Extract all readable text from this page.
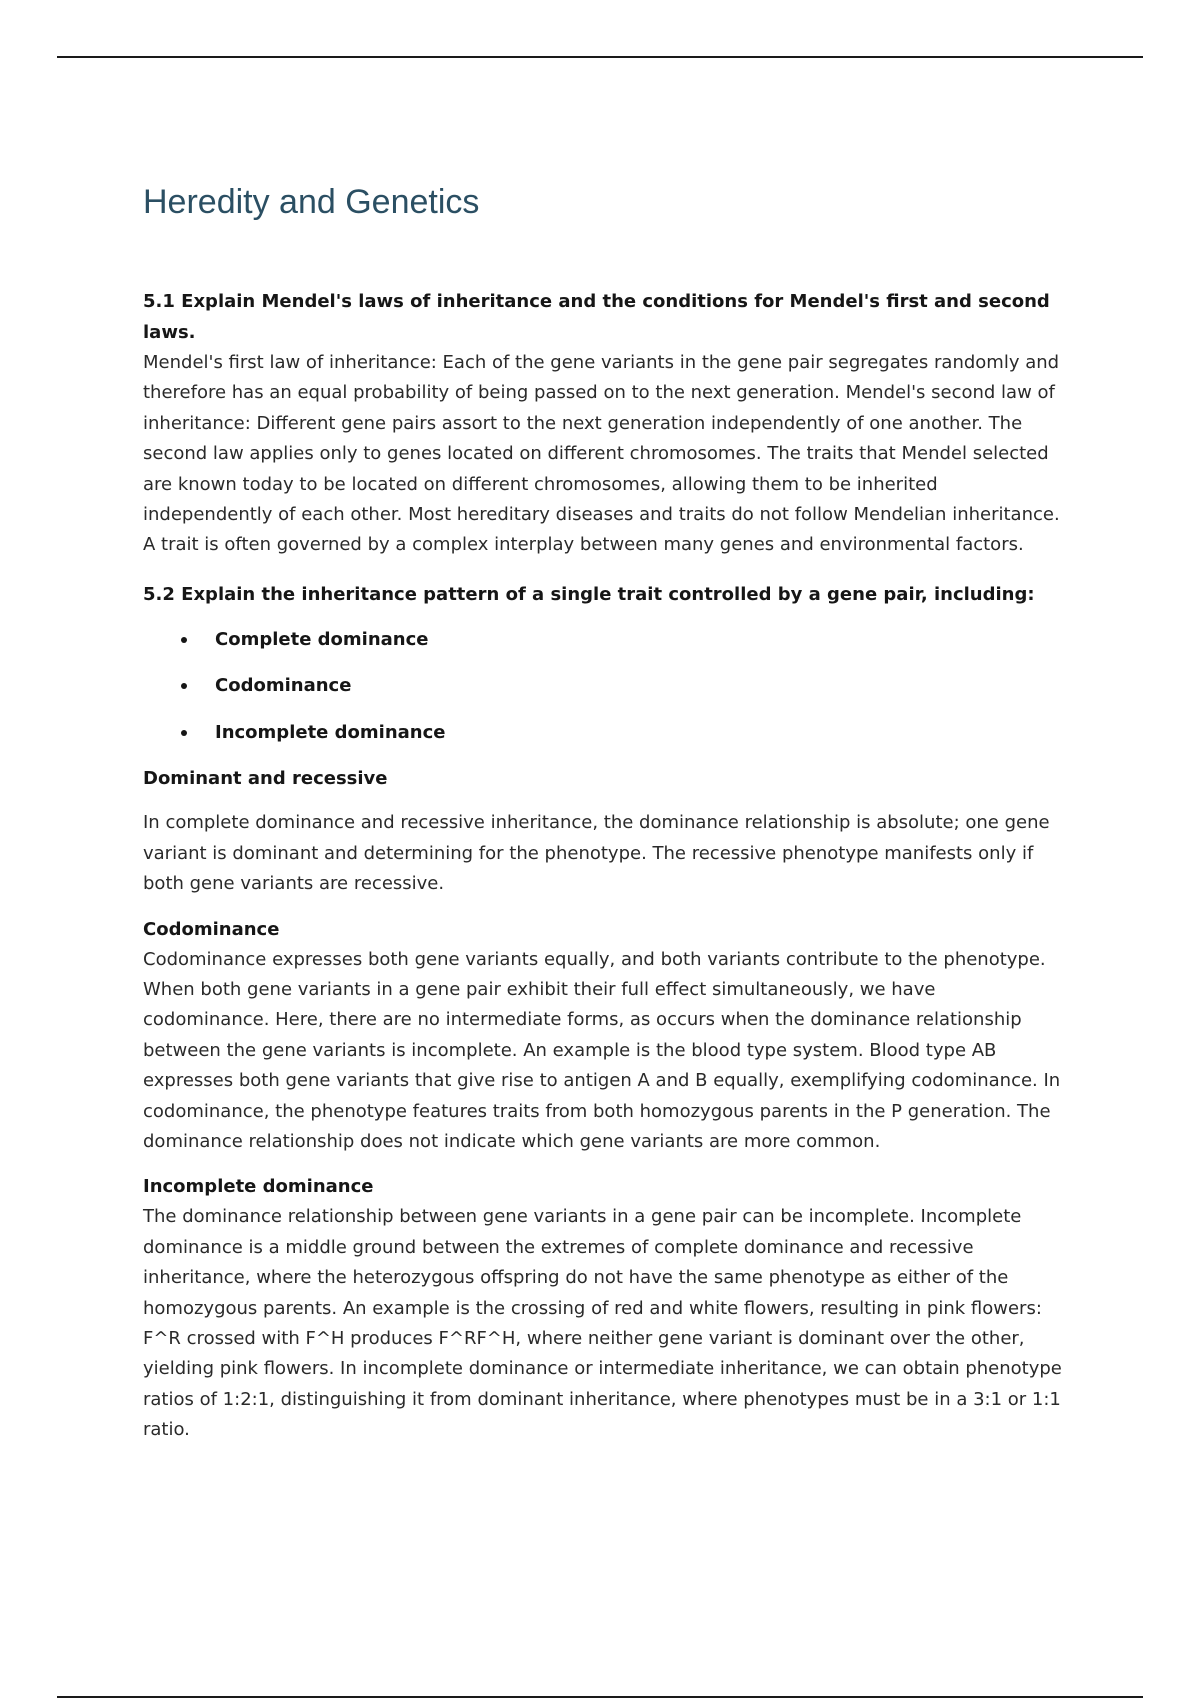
Heredity and Genetics

5.1 Explain Mendel's laws of inheritance and the conditions for Mendel's first and second laws.

Mendel's first law of inheritance: Each of the gene variants in the gene pair segregates randomly and therefore has an equal probability of being passed on to the next generation. Mendel's second law of inheritance: Different gene pairs assort to the next generation independently of one another. The second law applies only to genes located on different chromosomes. The traits that Mendel selected are known today to be located on different chromosomes, allowing them to be inherited independently of each other. Most hereditary diseases and traits do not follow Mendelian inheritance. A trait is often governed by a complex interplay between many genes and environmental factors.

5.2 Explain the inheritance pattern of a single trait controlled by a gene pair, including:

Complete dominance
Codominance
Incomplete dominance

Dominant and recessive

In complete dominance and recessive inheritance, the dominance relationship is absolute; one gene variant is dominant and determining for the phenotype. The recessive phenotype manifests only if both gene variants are recessive.

Codominance

Codominance expresses both gene variants equally, and both variants contribute to the phenotype. When both gene variants in a gene pair exhibit their full effect simultaneously, we have codominance. Here, there are no intermediate forms, as occurs when the dominance relationship between the gene variants is incomplete. An example is the blood type system. Blood type AB expresses both gene variants that give rise to antigen A and B equally, exemplifying codominance. In codominance, the phenotype features traits from both homozygous parents in the P generation. The dominance relationship does not indicate which gene variants are more common.

Incomplete dominance

The dominance relationship between gene variants in a gene pair can be incomplete. Incomplete dominance is a middle ground between the extremes of complete dominance and recessive inheritance, where the heterozygous offspring do not have the same phenotype as either of the homozygous parents. An example is the crossing of red and white flowers, resulting in pink flowers: F^R crossed with F^H produces F^RF^H, where neither gene variant is dominant over the other, yielding pink flowers. In incomplete dominance or intermediate inheritance, we can obtain phenotype ratios of 1:2:1, distinguishing it from dominant inheritance, where phenotypes must be in a 3:1 or 1:1 ratio.
